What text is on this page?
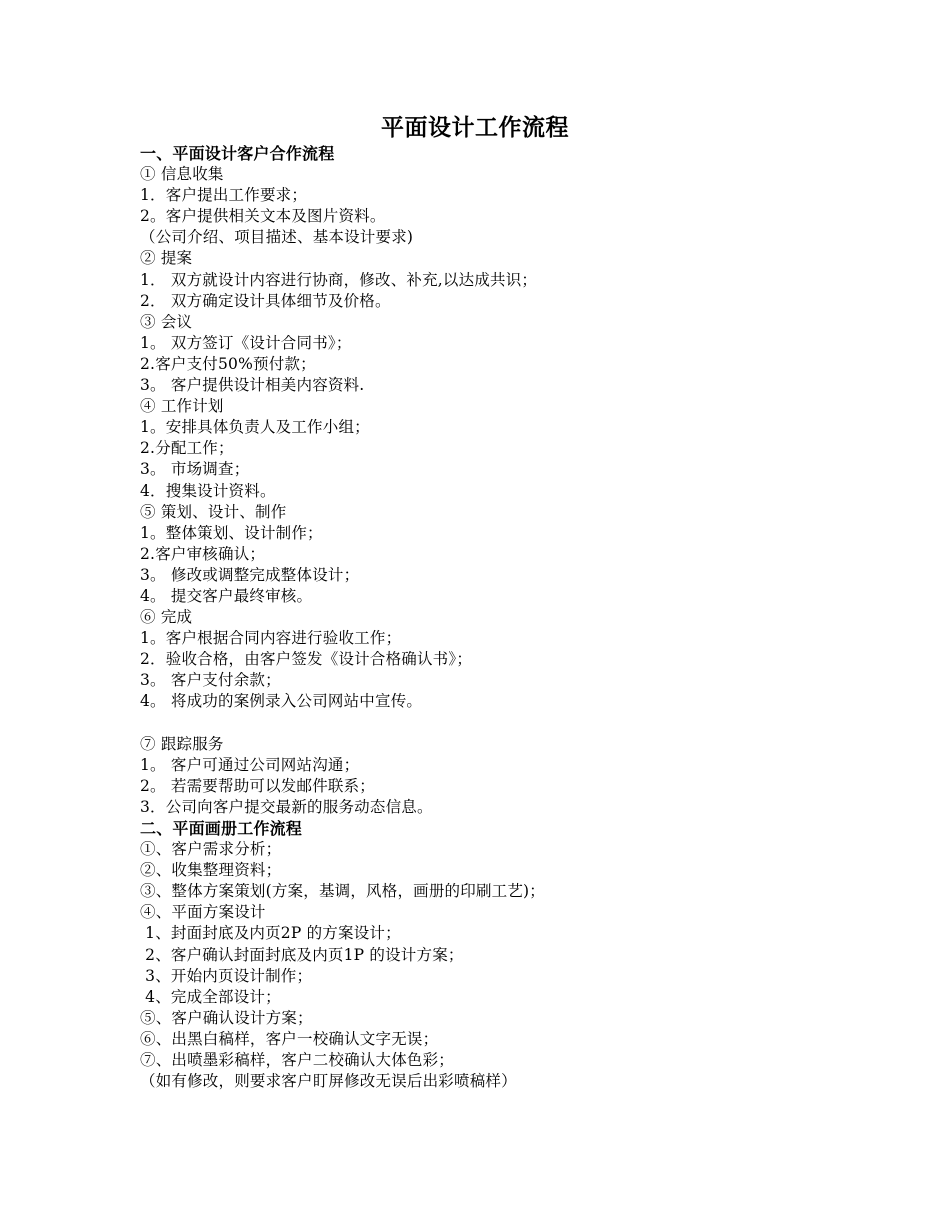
平面设计工作流程
一、平面设计客户合作流程
① 信息收集
1．客户提出工作要求；
2。客户提供相关文本及图片资料。
（公司介绍、项目描述、基本设计要求)
② 提案
1． 双方就设计内容进行协商，修改、补充,以达成共识；
2． 双方确定设计具体细节及价格。
③ 会议
1。 双方签订《设计合同书》；
2.客户支付50%预付款；
3。 客户提供设计相美内容资料.
④ 工作计划
1。安排具体负责人及工作小组；
2.分配工作；
3。 市场调查；
4．搜集设计资料。
⑤ 策划、设计、制作
1。整体策划、设计制作；
2.客户审核确认；
3。 修改或调整完成整体设计；
4。 提交客户最终审核。
⑥ 完成
1。客户根据合同内容进行验收工作；
2．验收合格，由客户签发《设计合格确认书》；
3。 客户支付余款；
4。 将成功的案例录入公司网站中宣传。
⑦ 跟踪服务
1。 客户可通过公司网站沟通；
2。 若需要帮助可以发邮件联系；
3．公司向客户提交最新的服务动态信息。
二、平面画册工作流程
①、客户需求分析；
②、收集整理资料；
③、整体方案策划(方案，基调，风格，画册的印刷工艺)；
④、平面方案设计
1、封面封底及内页2P 的方案设计；
2、客户确认封面封底及内页1P 的设计方案；
3、开始内页设计制作；
4、完成全部设计；
⑤、客户确认设计方案；
⑥、出黑白稿样，客户一校确认文字无误；
⑦、出喷墨彩稿样，客户二校确认大体色彩；
（如有修改，则要求客户盯屏修改无误后出彩喷稿样）
